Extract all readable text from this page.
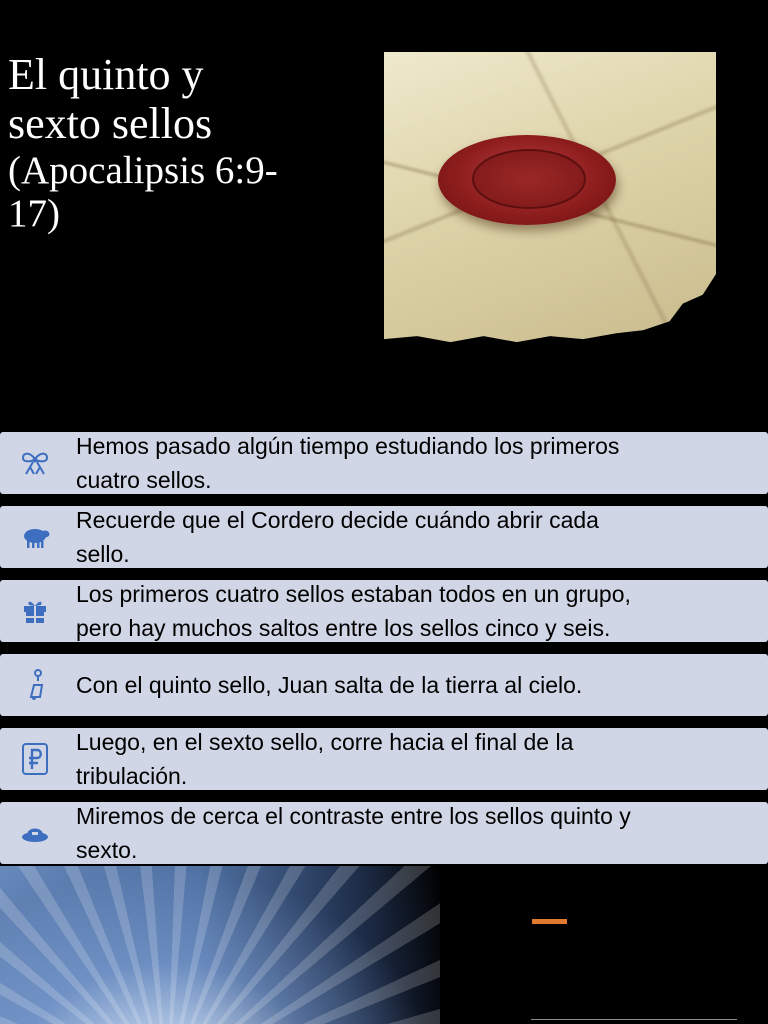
El quinto y
sexto sellos
(Apocalipsis 6:9-
17)
Hemos pasado algún tiempo estudiando los primeros
cuatro sellos.
Recuerde que el Cordero decide cuándo abrir cada
sello.
Los primeros cuatro sellos estaban todos en un grupo,
pero hay muchos saltos entre los sellos cinco y seis.
Con el quinto sello, Juan salta de la tierra al cielo.
Luego, en el sexto sello, corre hacia el final de la
tribulación.
Miremos de cerca el contraste entre los sellos quinto y
sexto.
